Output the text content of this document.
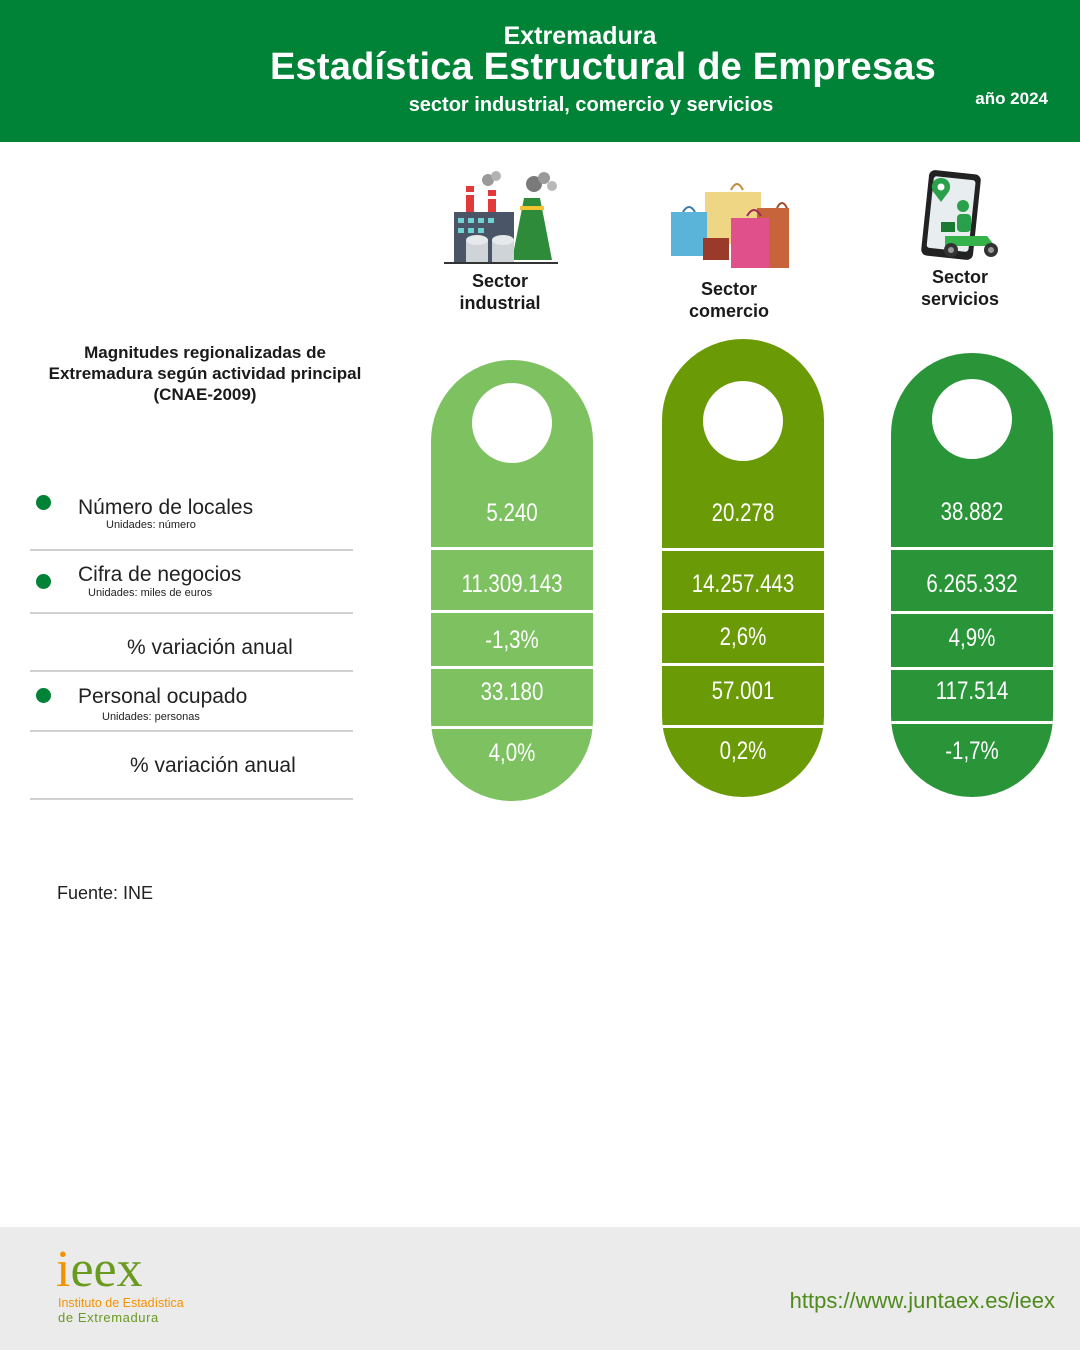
Extremadura
Estadística Estructural de Empresas
sector industrial, comercio y servicios	año 2024
Sector
industrial
Sector
comercio
Sector
servicios
Magnitudes regionalizadas de
Extremadura según actividad principal
(CNAE-2009)
Número de locales
Unidades: número
Cifra de negocios
Unidades: miles de euros
% variación anual
Personal ocupado
Unidades: personas
% variación anual
5.240
11.309.143
-1,3%
33.180
4,0%
20.278
14.257.443
2,6%
57.001
0,2%
38.882
6.265.332
4,9%
117.514
-1,7%
Fuente: INE
ieex
Instituto de Estadística
de Extremadura
https://www.juntaex.es/ieex
